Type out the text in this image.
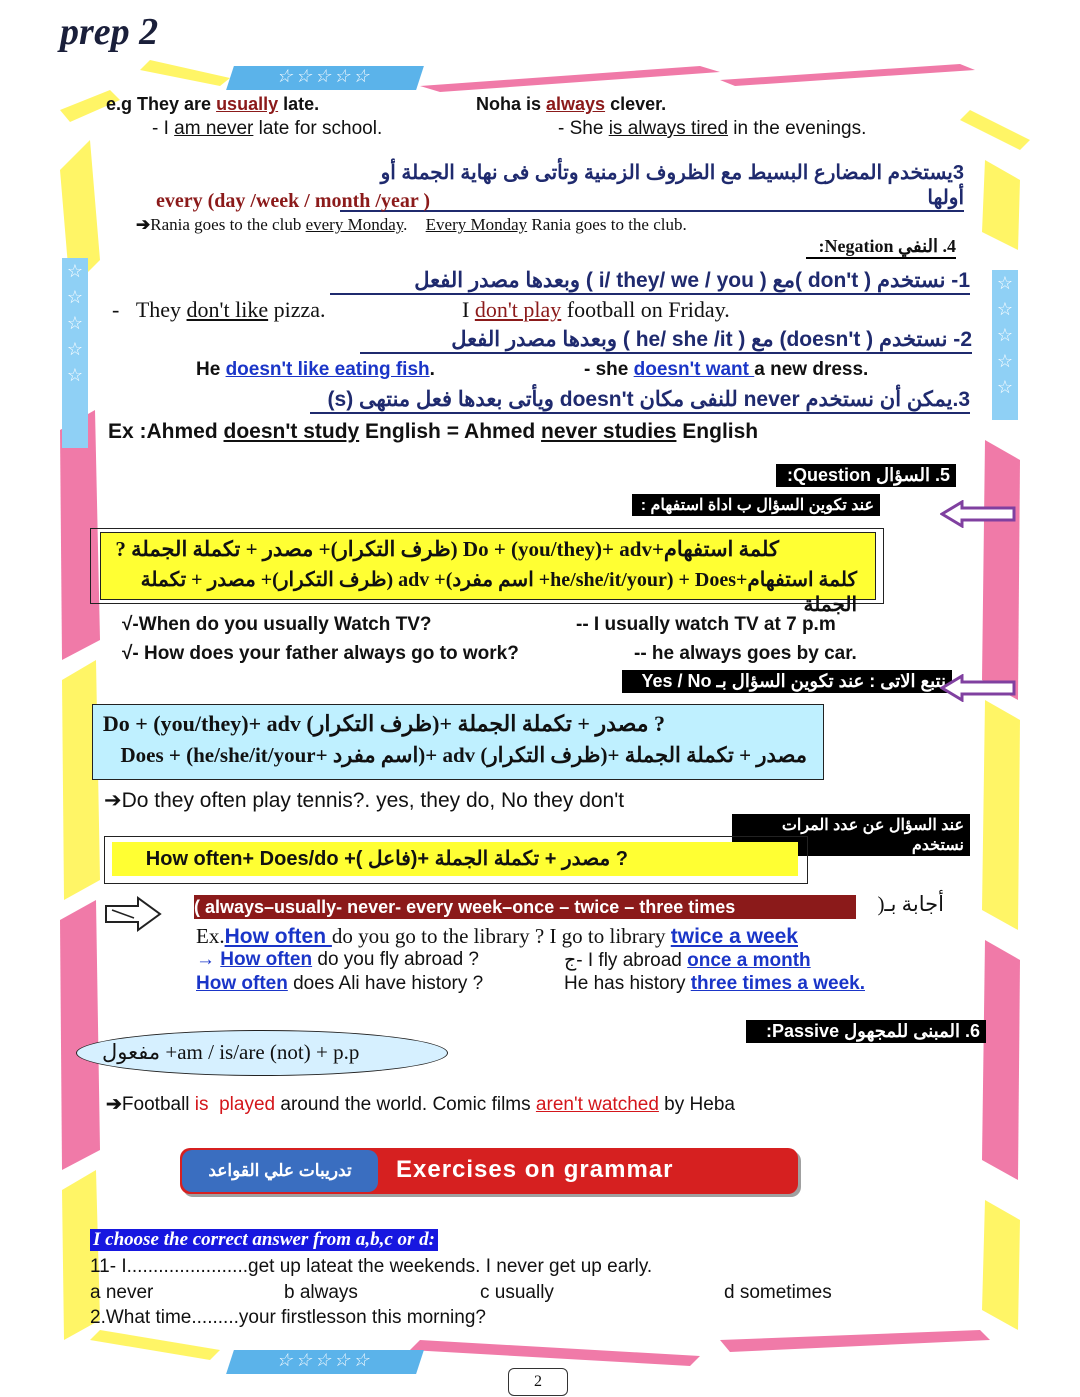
prep 2
☆☆☆☆☆
☆ ☆ ☆ ☆ ☆
☆ ☆ ☆ ☆ ☆
e.g They are usually late.	Noha is always clever.
- I am never late for school.	- She is always tired in the evenings.
3يستخدم المضارع البسيط مع الظروف الزمنية وتأتى فى نهاية الجملة أو أولها
every (day /week / month /year )
➔Rania goes to the club every Monday. Every Monday Rania goes to the club.
4. النفي Negation:
1- نستخدم ( don't )مع ( i/ they/ we / you ) وبعدها مصدر الفعل
- They don't like pizza.	I don't play football on Friday.
2- نستخدم ( doesn't) مع ( he/ she /it ) وبعدها مصدر الفعل
He doesn't like eating fish.	- she doesn't want a new dress.
3.يمكن أن نستخدم never للنفى مكان doesn't ويأتى بعدها فعل منتهى (s)
Ex :Ahmed doesn't study English = Ahmed never studies English
5. السؤال Question:
عند تكوين السؤال ب اداة استفهام :
كلمة استفهام+Do + (you/they)+ adv (ظرف التكرار)+ مصدر + تكملة الجملة ?
كلمة استفهام+Does + (he/she/it/your+ اسم مفرد)+ adv (ظرف التكرار)+ مصدر + تكملة الجملة
√-When do you usually Watch TV?	-- I usually watch TV at 7 p.m
√- How does your father always go to work?	-- he always goes by car.
نتبع الاتى : عند تكوين السؤال بـ Yes / No
Do + (you/they)+ adv (ظرف التكرار)+ مصدر + تكملة الجملة ?
Does + (he/she/it/your+ اسم مفرد)+ adv (ظرف التكرار)+ مصدر + تكملة الجملة
➔Do they often play tennis?. yes, they do, No they don't
عند السؤال عن عدد المرات نستخدم
How often+ Does/do +( فاعل)+ مصدر + تكملة الجملة ?
( always–usually- never- every week–once – twice – three times	أجابة بـ(
Ex.How often do you go to the library ? I go to library twice a week
→ How often do you fly abroad ?	ج- I fly abroad once a month
How often does Ali have history ?	He has history three times a week.
6. المبنى للمجهول Passive:
مفعول +am / is/are (not) + p.p
➔Football is played around the world. Comic films aren't watched by Heba
تدريبات علي القواعد	Exercises on grammar
I choose the correct answer from a,b,c or d:
11- I.......................get up lateat the weekends. I never get up early.
a never	b always	c usually	d sometimes
2.What time.........your firstlesson this morning?
☆☆☆☆☆
2
